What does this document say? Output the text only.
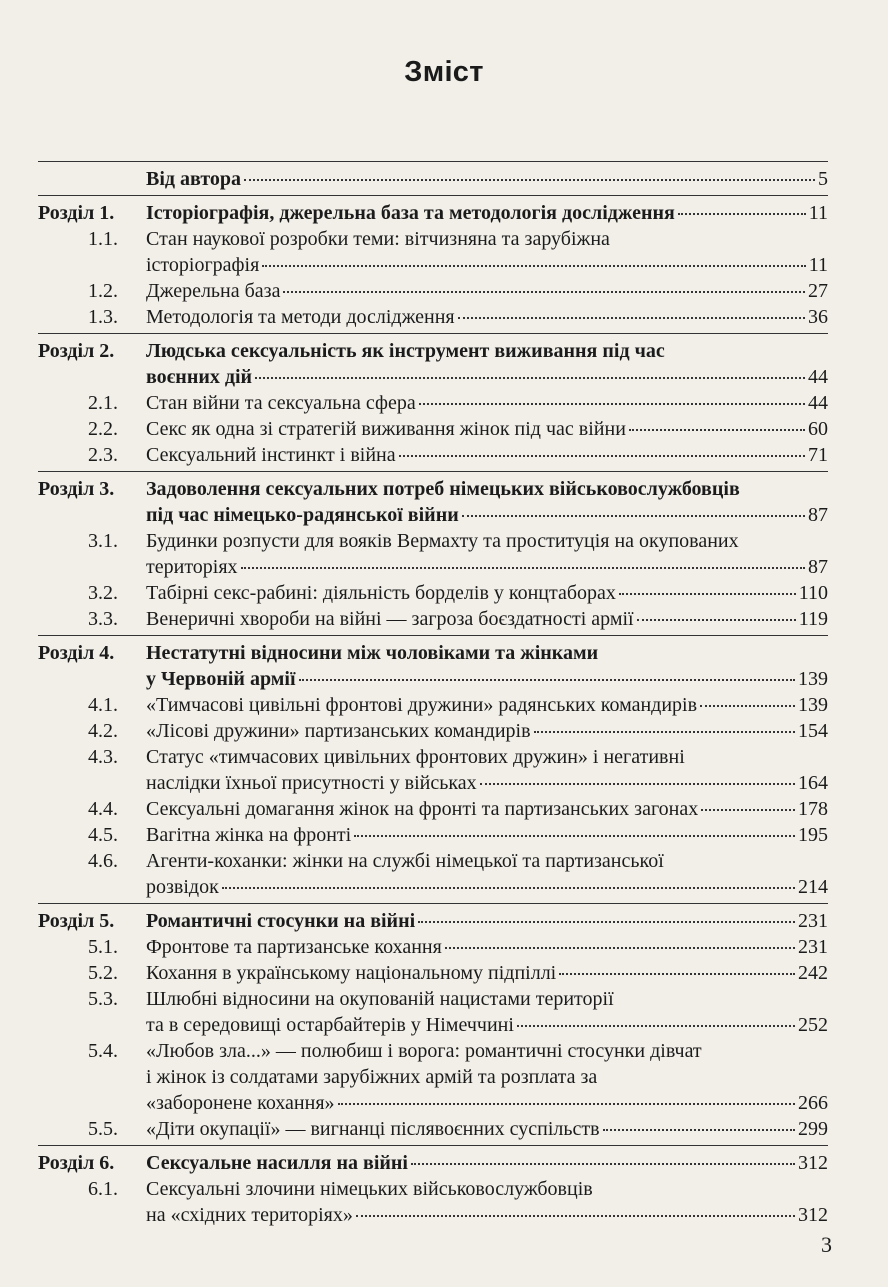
Зміст
Від автора	5
Розділ 1.	Історіографія, джерельна база та методологія дослідження	11
1.1.	Стан наукової розробки теми: вітчизняна та зарубіжна
історіографія	11
1.2.	Джерельна база	27
1.3.	Методологія та методи дослідження	36
Розділ 2.	Людська сексуальність як інструмент виживання під час
воєнних дій	44
2.1.	Стан війни та сексуальна сфера	44
2.2.	Секс як одна зі стратегій виживання жінок під час війни	60
2.3.	Сексуальний інстинкт і війна	71
Розділ 3.	Задоволення сексуальних потреб німецьких військовослужбовців
під час німецько-радянської війни	87
3.1.	Будинки розпусти для вояків Вермахту та проституція на окупованих
територіях	87
3.2.	Табірні секс-рабині: діяльність борделів у концтаборах	110
3.3.	Венеричні хвороби на війні — загроза боєздатності армії	119
Розділ 4.	Нестатутні відносини між чоловіками та жінками
у Червоній армії	139
4.1.	«Тимчасові цивільні фронтові дружини» радянських командирів	139
4.2.	«Лісові дружини» партизанських командирів	154
4.3.	Статус «тимчасових цивільних фронтових дружин» і негативні
наслідки їхньої присутності у військах	164
4.4.	Сексуальні домагання жінок на фронті та партизанських загонах	178
4.5.	Вагітна жінка на фронті	195
4.6.	Агенти-коханки: жінки на службі німецької та партизанської
розвідок	214
Розділ 5.	Романтичні стосунки на війні	231
5.1.	Фронтове та партизанське кохання	231
5.2.	Кохання в українському національному підпіллі	242
5.3.	Шлюбні відносини на окупованій нацистами території
та в середовищі остарбайтерів у Німеччині	252
5.4.	«Любов зла...» — полюбиш і ворога: романтичні стосунки дівчат
і жінок із солдатами зарубіжних армій та розплата за
«заборонене кохання»	266
5.5.	«Діти окупації» — вигнанці післявоєнних суспільств	299
Розділ 6.	Сексуальне насилля на війні	312
6.1.	Сексуальні злочини німецьких військовослужбовців
на «східних територіях»	312
3
